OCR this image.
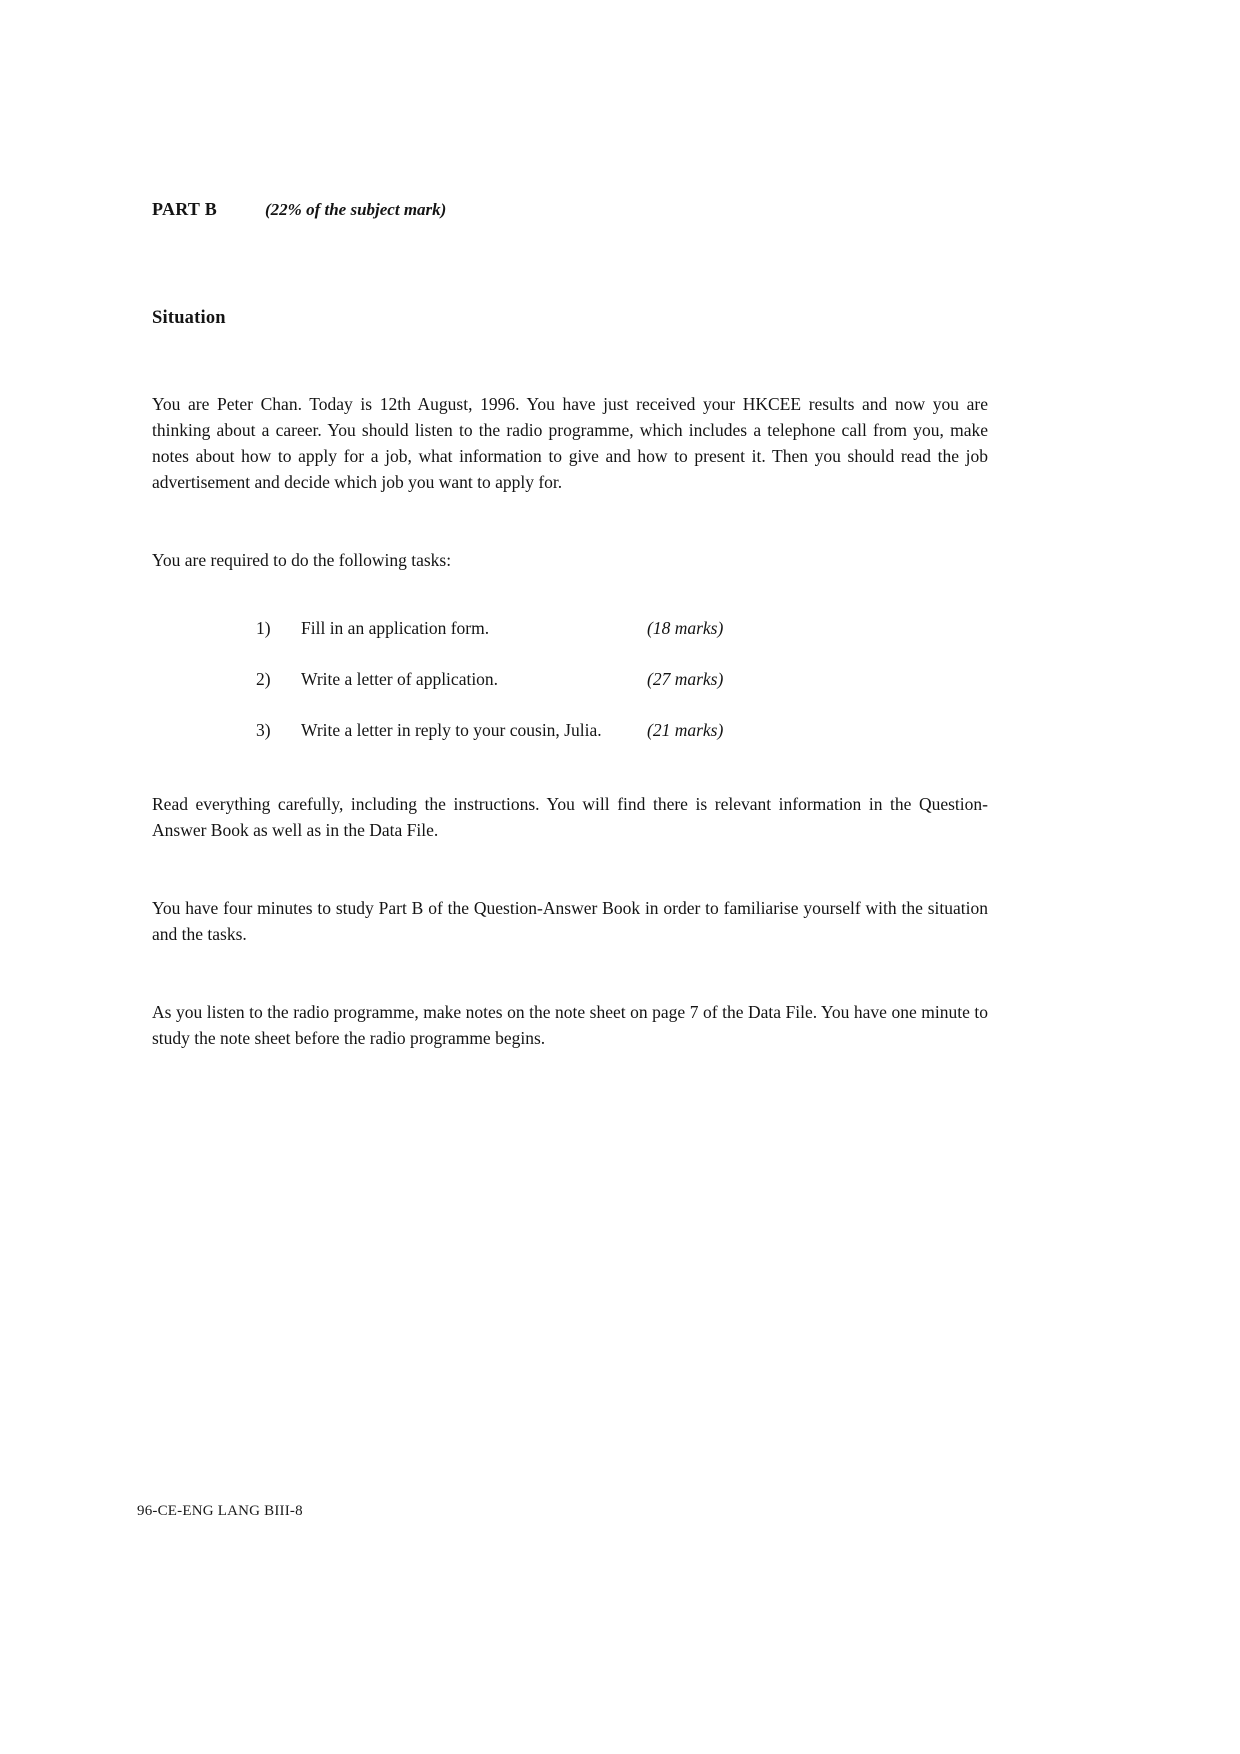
PART B	(22% of the subject mark)
Situation

You are Peter Chan. Today is 12th August, 1996. You have just received your HKCEE results and now you are thinking about a career. You should listen to the radio programme, which includes a telephone call from you, make notes about how to apply for a job, what information to give and how to present it. Then you should read the job advertisement and decide which job you want to apply for.

You are required to do the following tasks:
1)	Fill in an application form.	(18 marks)
2)	Write a letter of application.	(27 marks)
3)	Write a letter in reply to your cousin, Julia.	(21 marks)

Read everything carefully, including the instructions. You will find there is relevant information in the Question-Answer Book as well as in the Data File.

You have four minutes to study Part B of the Question-Answer Book in order to familiarise yourself with the situation and the tasks.

As you listen to the radio programme, make notes on the note sheet on page 7 of the Data File. You have one minute to study the note sheet before the radio programme begins.

96-CE-ENG LANG BIII-8
